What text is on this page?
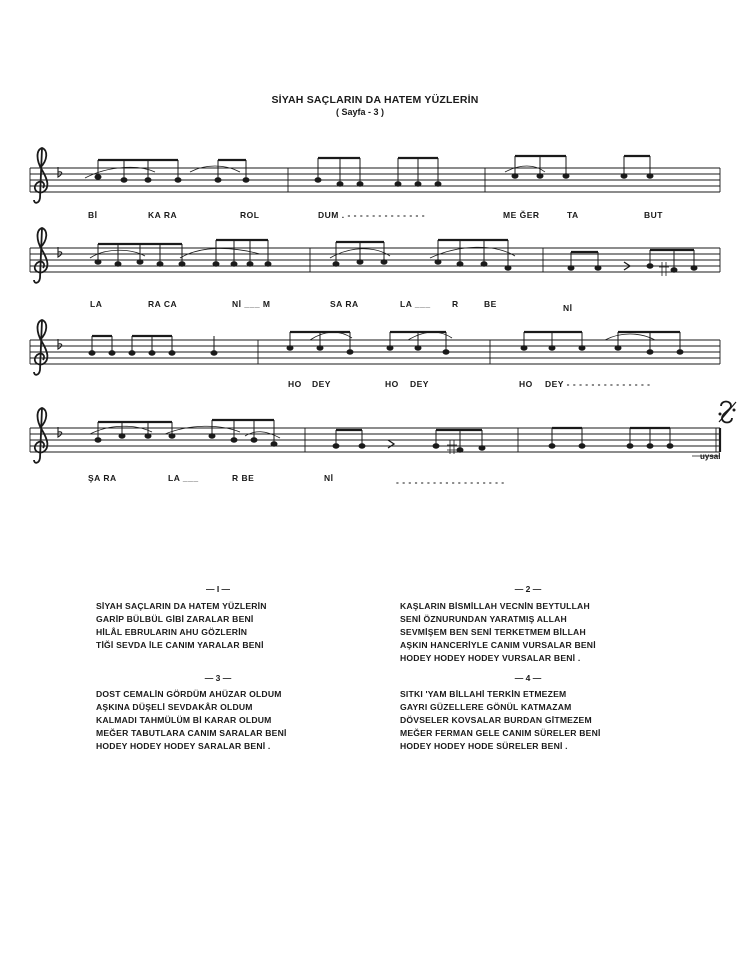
SİYAH SAÇLARIN DA HATEM YÜZLERİN
( Sayfa - 3 )
Bİ	KA RA	ROL	DUM . - - - - - - - - - - - - -	ME ĞER	TA	BUT
LA	RA CA	Nİ ___ M	SA RA	LA ___	R	BE	Nİ
HO DEY	HO DEY	HO DEY - - - - - - - - - - - - - -
ŞA RA	LA ___	R BE	Nİ	- - - - - - - - - - - - - - - - - -
uysal
— I —
SİYAH SAÇLARIN DA HATEM YÜZLERİN
GARİP BÜLBÜL GİBİ ZARALAR BENİ
HİLÂL EBRULARIN AHU GÖZLERİN
TİĞİ SEVDA İLE CANIM YARALAR BENİ
— 2 —
KAŞLARIN BİSMİLLAH VECNİN BEYTULLAH
SENİ ÖZNURUNDAN YARATMIŞ ALLAH
SEVMİŞEM BEN SENİ TERKETMEM BİLLAH
AŞKIN HANCERİYLE CANIM VURSALAR BENİ
HODEY HODEY HODEY VURSALAR BENİ .
— 3 —
DOST CEMALİN GÖRDÜM AHÜZAR OLDUM
AŞKINA DÜŞELİ SEVDAKÂR OLDUM
KALMADI TAHMÜLÜM Bİ KARAR OLDUM
MEĞER TABUTLARA CANIM SARALAR BENİ
HODEY HODEY HODEY SARALAR BENİ .
— 4 —
SITKI 'YAM BİLLAHİ TERKİN ETMEZEM
GAYRI GÜZELLERE GÖNÜL KATMAZAM
DÖVSELER KOVSALAR BURDAN GİTMEZEM
MEĞER FERMAN GELE CANIM SÜRELER BENİ
HODEY HODEY HODE SÜRELER BENİ .
